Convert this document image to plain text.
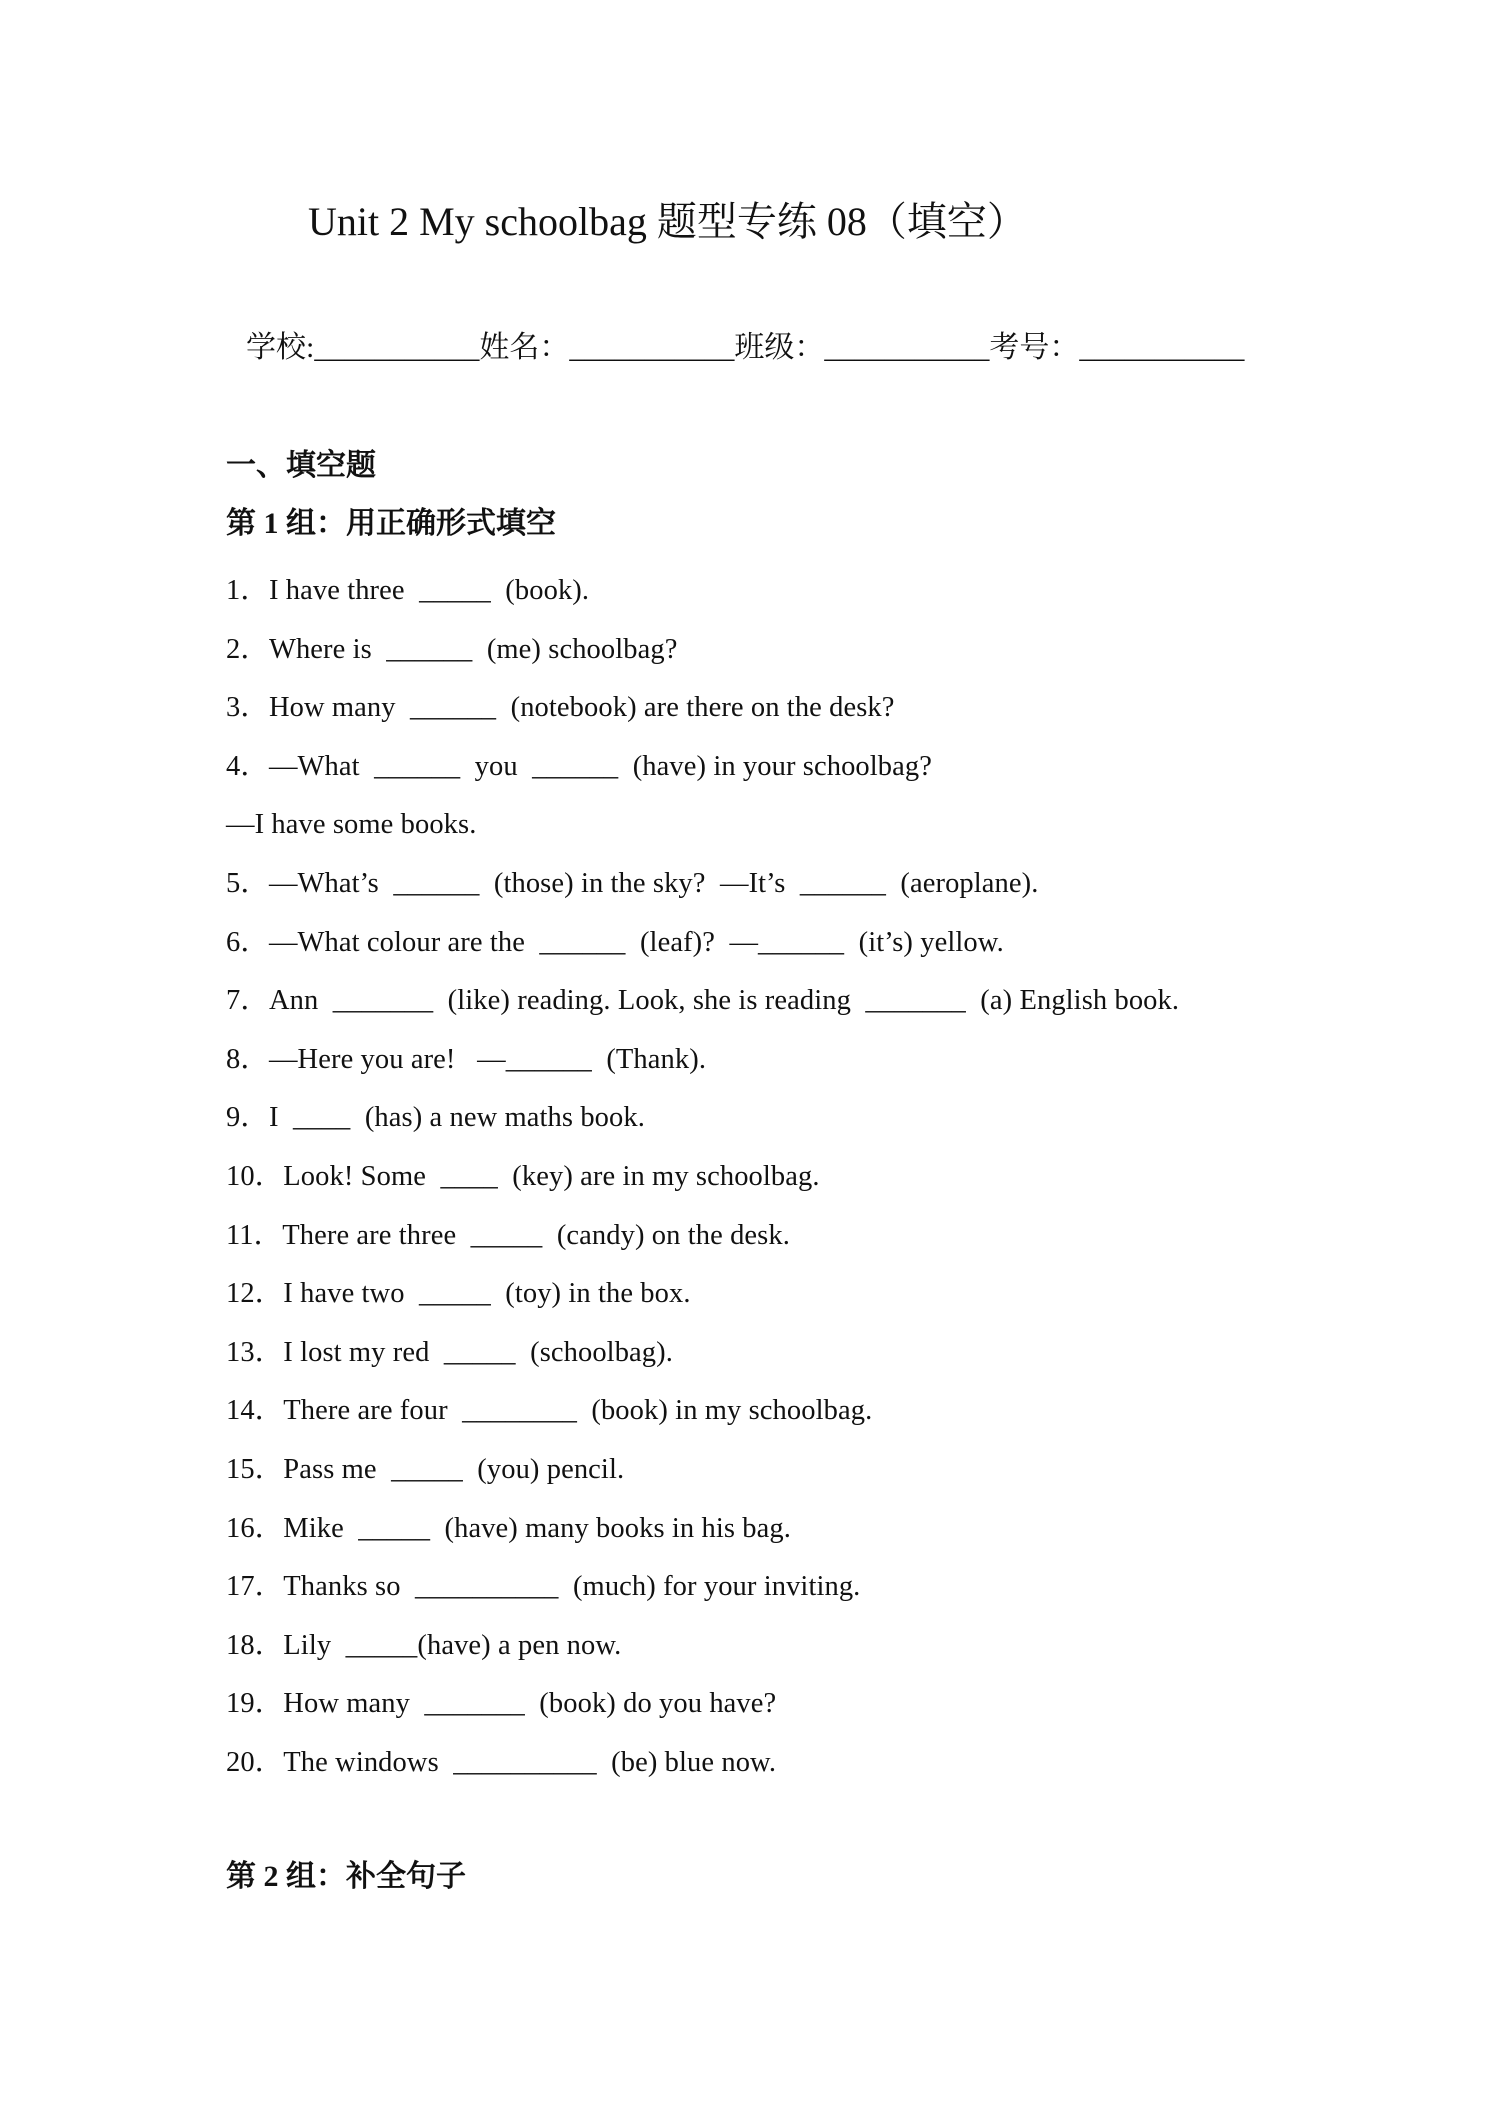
Unit 2 My schoolbag 题型专练 08（填空）
学校:___________姓名：___________班级：___________考号：___________
一、填空题
第 1 组：用正确形式填空
1．I have three  _____  (book).
2．Where is  ______  (me) schoolbag?
3．How many  ______  (notebook) are there on the desk?
4．—What  ______  you  ______  (have) in your schoolbag?
—I have some books.
5．—What’s  ______  (those) in the sky?  —It’s  ______  (aeroplane).
6．—What colour are the  ______  (leaf)?  —______  (it’s) yellow.
7．Ann  _______  (like) reading. Look, she is reading  _______  (a) English book.
8．—Here you are!   —______  (Thank).
9．I  ____  (has) a new maths book.
10．Look! Some  ____  (key) are in my schoolbag.
11．There are three  _____  (candy) on the desk.
12．I have two  _____  (toy) in the box.
13．I lost my red  _____  (schoolbag).
14．There are four  ________  (book) in my schoolbag.
15．Pass me  _____  (you) pencil.
16．Mike  _____  (have) many books in his bag.
17．Thanks so  __________  (much) for your inviting.
18．Lily  _____(have) a pen now.
19．How many  _______  (book) do you have?
20．The windows  __________  (be) blue now.
第 2 组：补全句子
